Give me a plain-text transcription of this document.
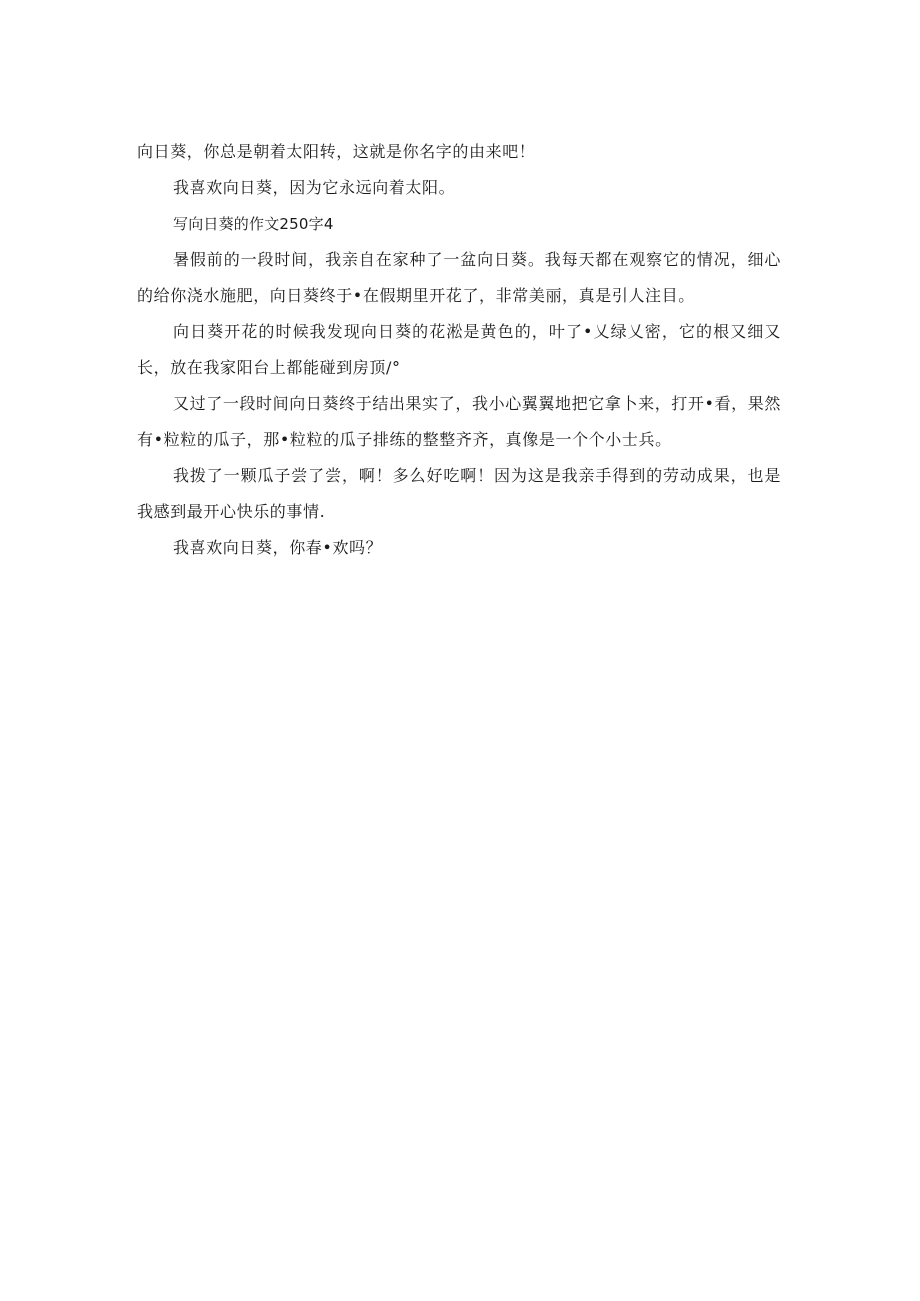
向日葵，你总是朝着太阳转，这就是你名字的由来吧！

我喜欢向日葵，因为它永远向着太阳。

写向日葵的作文250字4

暑假前的一段时间，我亲自在家种了一盆向日葵。我每天都在观察它的情况，细心的给你浇水施肥，向日葵终于•在假期里开花了，非常美丽，真是引人注目。

向日葵开花的时候我发现向日葵的花淞是黄色的，叶了•乂绿乂密，它的根又细又长，放在我家阳台上都能碰到房顶/°

又过了一段时间向日葵终于结出果实了，我小心翼翼地把它拿卜来，打开•看，果然有•粒粒的瓜子，那•粒粒的瓜子排练的整整齐齐，真像是一个个小士兵。

我拨了一颗瓜子尝了尝，啊！多么好吃啊！因为这是我亲手得到的劳动成果，也是我感到最开心快乐的事情.

我喜欢向日葵，你春•欢吗？
